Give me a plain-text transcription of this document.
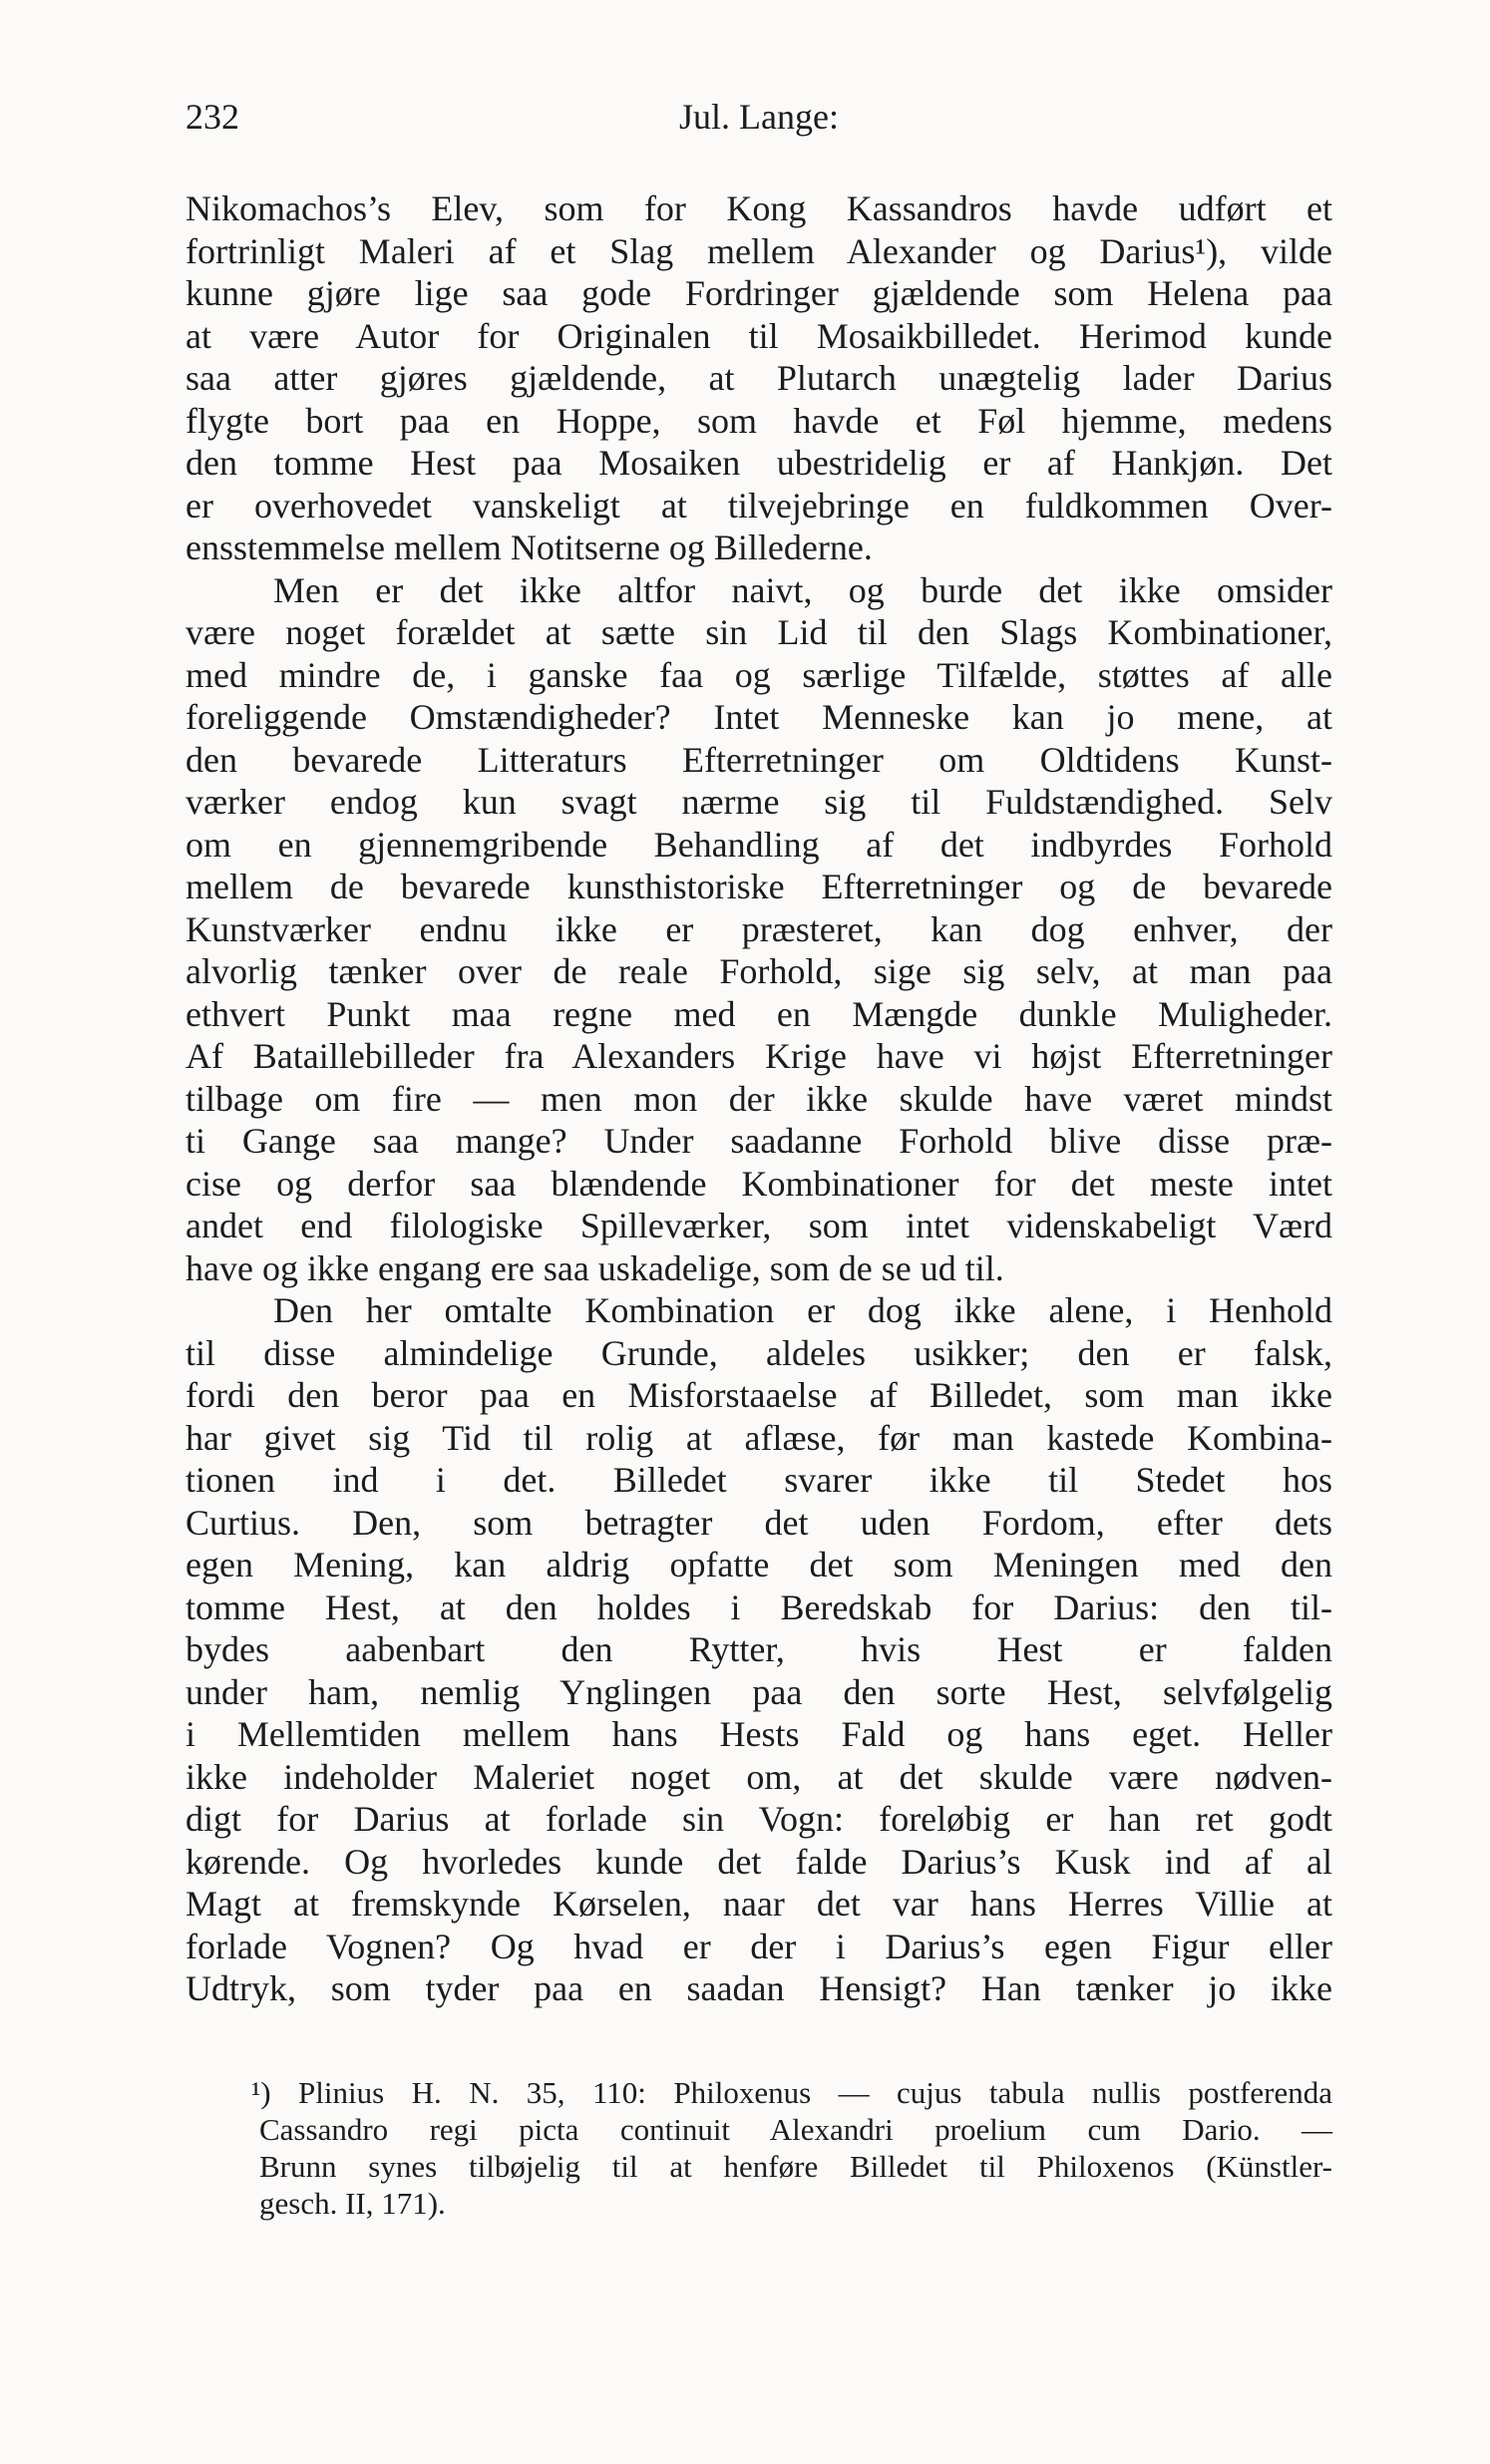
232	Jul. Lange:
Nikomachos’s Elev, som for Kong Kassandros havde udført et
fortrinligt Maleri af et Slag mellem Alexander og Darius¹), vilde
kunne gjøre lige saa gode Fordringer gjældende som Helena paa
at være Autor for Originalen til Mosaikbilledet. Herimod kunde
saa atter gjøres gjældende, at Plutarch unægtelig lader Darius
flygte bort paa en Hoppe, som havde et Føl hjemme, medens
den tomme Hest paa Mosaiken ubestridelig er af Hankjøn. Det
er overhovedet vanskeligt at tilvejebringe en fuldkommen Over-
ensstemmelse mellem Notitserne og Billederne.
Men er det ikke altfor naivt, og burde det ikke omsider
være noget forældet at sætte sin Lid til den Slags Kombinationer,
med mindre de, i ganske faa og særlige Tilfælde, støttes af alle
foreliggende Omstændigheder? Intet Menneske kan jo mene, at
den bevarede Litteraturs Efterretninger om Oldtidens Kunst-
værker endog kun svagt nærme sig til Fuldstændighed. Selv
om en gjennemgribende Behandling af det indbyrdes Forhold
mellem de bevarede kunsthistoriske Efterretninger og de bevarede
Kunstværker endnu ikke er præsteret, kan dog enhver, der
alvorlig tænker over de reale Forhold, sige sig selv, at man paa
ethvert Punkt maa regne med en Mængde dunkle Muligheder.
Af Bataillebilleder fra Alexanders Krige have vi højst Efterretninger
tilbage om fire — men mon der ikke skulde have været mindst
ti Gange saa mange? Under saadanne Forhold blive disse præ-
cise og derfor saa blændende Kombinationer for det meste intet
andet end filologiske Spilleværker, som intet videnskabeligt Værd
have og ikke engang ere saa uskadelige, som de se ud til.
Den her omtalte Kombination er dog ikke alene, i Henhold
til disse almindelige Grunde, aldeles usikker; den er falsk,
fordi den beror paa en Misforstaaelse af Billedet, som man ikke
har givet sig Tid til rolig at aflæse, før man kastede Kombina-
tionen ind i det. Billedet svarer ikke til Stedet hos
Curtius. Den, som betragter det uden Fordom, efter dets
egen Mening, kan aldrig opfatte det som Meningen med den
tomme Hest, at den holdes i Beredskab for Darius: den til-
bydes aabenbart den Rytter, hvis Hest er falden
under ham, nemlig Ynglingen paa den sorte Hest, selvfølgelig
i Mellemtiden mellem hans Hests Fald og hans eget. Heller
ikke indeholder Maleriet noget om, at det skulde være nødven-
digt for Darius at forlade sin Vogn: foreløbig er han ret godt
kørende. Og hvorledes kunde det falde Darius’s Kusk ind af al
Magt at fremskynde Kørselen, naar det var hans Herres Villie at
forlade Vognen? Og hvad er der i Darius’s egen Figur eller
Udtryk, som tyder paa en saadan Hensigt? Han tænker jo ikke
¹) Plinius H. N. 35, 110: Philoxenus — cujus tabula nullis postferenda
Cassandro regi picta continuit Alexandri proelium cum Dario. —
Brunn synes tilbøjelig til at henføre Billedet til Philoxenos (Künstler-
gesch. II, 171).
